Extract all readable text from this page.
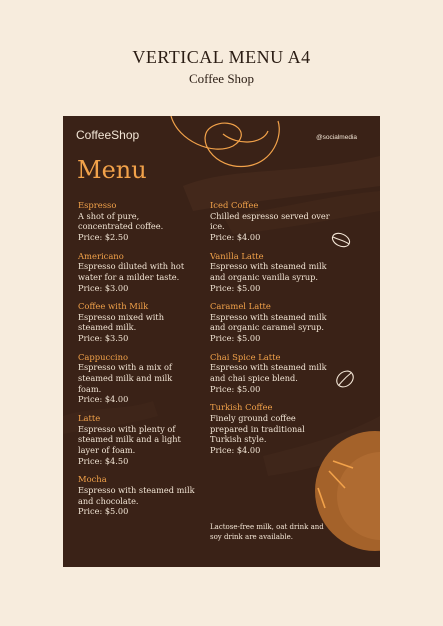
VERTICAL MENU A4
Coffee Shop
CoffeeShop	@socialmedia
Menu
Espresso
A shot of pure, concentrated coffee.
Price: $2.50
Americano
Espresso diluted with hot water for a milder taste.
Price: $3.00
Coffee with Milk
Espresso mixed with steamed milk.
Price: $3.50
Cappuccino
Espresso with a mix of steamed milk and milk foam.
Price: $4.00
Latte
Espresso with plenty of steamed milk and a light layer of foam.
Price: $4.50
Mocha
Espresso with steamed milk and chocolate.
Price: $5.00
Iced Coffee
Chilled espresso served over ice.
Price: $4.00
Vanilla Latte
Espresso with steamed milk and organic vanilla syrup.
Price: $5.00
Caramel Latte
Espresso with steamed milk and organic caramel syrup.
Price: $5.00
Chai Spice Latte
Espresso with steamed milk and chai spice blend.
Price: $5.00
Turkish Coffee
Finely ground coffee prepared in traditional Turkish style.
Price: $4.00
Lactose-free milk, oat drink and soy drink are available.
